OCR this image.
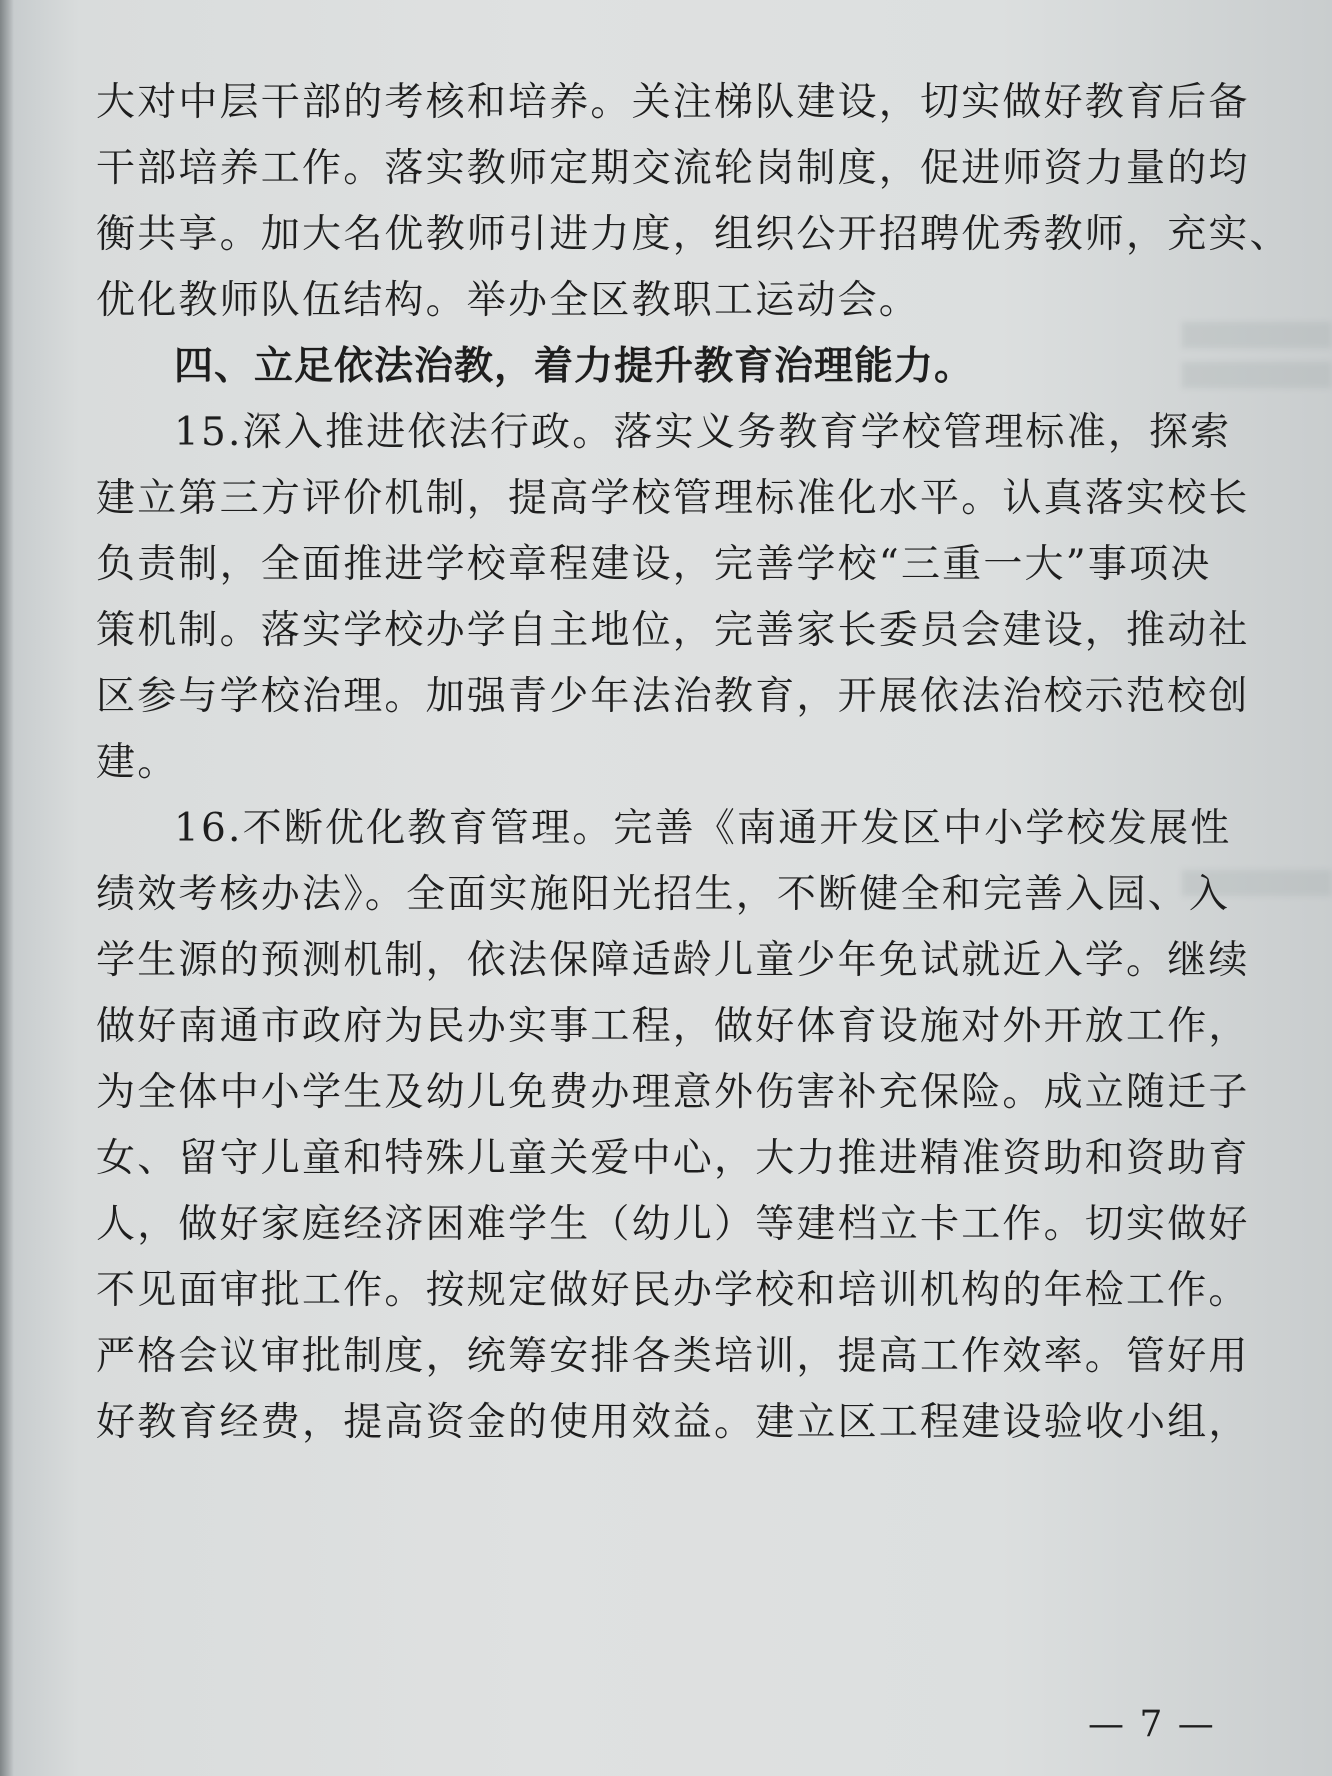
大对中层干部的考核和培养。关注梯队建设，切实做好教育后备
干部培养工作。落实教师定期交流轮岗制度，促进师资力量的均
衡共享。加大名优教师引进力度，组织公开招聘优秀教师，充实、
优化教师队伍结构。举办全区教职工运动会。
四、立足依法治教，着力提升教育治理能力。
15.深入推进依法行政。落实义务教育学校管理标准，探索
建立第三方评价机制，提高学校管理标准化水平。认真落实校长
负责制，全面推进学校章程建设，完善学校“三重一大”事项决
策机制。落实学校办学自主地位，完善家长委员会建设，推动社
区参与学校治理。加强青少年法治教育，开展依法治校示范校创
建。
16.不断优化教育管理。完善《南通开发区中小学校发展性
绩效考核办法》。全面实施阳光招生，不断健全和完善入园、入
学生源的预测机制，依法保障适龄儿童少年免试就近入学。继续
做好南通市政府为民办实事工程，做好体育设施对外开放工作，
为全体中小学生及幼儿免费办理意外伤害补充保险。成立随迁子
女、留守儿童和特殊儿童关爱中心，大力推进精准资助和资助育
人，做好家庭经济困难学生（幼儿）等建档立卡工作。切实做好
不见面审批工作。按规定做好民办学校和培训机构的年检工作。
严格会议审批制度，统筹安排各类培训，提高工作效率。管好用
好教育经费，提高资金的使用效益。建立区工程建设验收小组，
— 7 —
